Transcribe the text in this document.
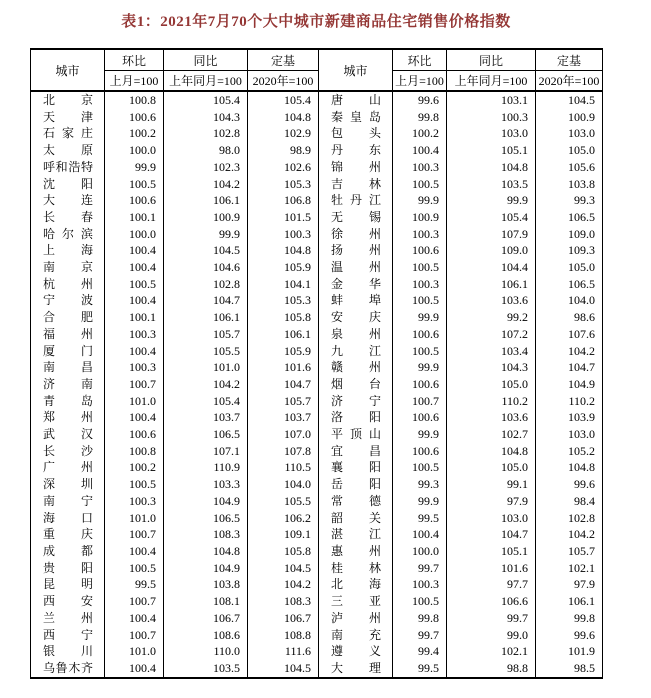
表1：2021年7月70个大中城市新建商品住宅销售价格指数
城市	环比	同比	定基	城市	环比	同比	定基
	上月=100	上年同月=100	2020年=100		上月=100	上年同月=100	2020年=100

北 京	100.8	105.4	105.4	唐 山	99.6	103.1	104.5

天 津	100.6	104.3	104.8	秦 皇 岛	99.8	100.3	100.9

石 家 庄	100.2	102.8	102.9	包 头	100.2	103.0	103.0

太 原	100.0	98.0	98.9	丹 东	100.4	105.1	105.0

呼 和 浩 特	99.9	102.3	102.6	锦 州	100.3	104.8	105.6

沈 阳	100.5	104.2	105.3	吉 林	100.5	103.5	103.8

大 连	100.6	106.1	106.8	牡 丹 江	99.9	99.9	99.3

长 春	100.1	100.9	101.5	无 锡	100.9	105.4	106.5

哈 尔 滨	100.0	99.9	100.3	徐 州	100.3	107.9	109.0

上 海	100.4	104.5	104.8	扬 州	100.6	109.0	109.3

南 京	100.4	104.6	105.9	温 州	100.5	104.4	105.0

杭 州	100.5	102.8	104.1	金 华	100.3	106.1	106.5

宁 波	100.4	104.7	105.3	蚌 埠	100.5	103.6	104.0

合 肥	100.1	106.1	105.8	安 庆	99.9	99.2	98.6

福 州	100.3	105.7	106.1	泉 州	100.6	107.2	107.6

厦 门	100.4	105.5	105.9	九 江	100.5	103.4	104.2

南 昌	100.3	101.0	101.6	赣 州	99.9	104.3	104.7

济 南	100.7	104.2	104.7	烟 台	100.6	105.0	104.9

青 岛	101.0	105.4	105.7	济 宁	100.7	110.2	110.2

郑 州	100.4	103.7	103.7	洛 阳	100.6	103.6	103.9

武 汉	100.6	106.5	107.0	平 顶 山	99.9	102.7	103.0

长 沙	100.8	107.1	107.8	宜 昌	100.6	104.8	105.2

广 州	100.2	110.9	110.5	襄 阳	100.5	105.0	104.8

深 圳	100.5	103.3	104.0	岳 阳	99.3	99.1	99.6

南 宁	100.3	104.9	105.5	常 德	99.9	97.9	98.4

海 口	101.0	106.5	106.2	韶 关	99.5	103.0	102.8

重 庆	100.7	108.3	109.1	湛 江	100.4	104.7	104.2

成 都	100.4	104.8	105.8	惠 州	100.0	105.1	105.7

贵 阳	100.5	104.9	104.5	桂 林	99.7	101.6	102.1

昆 明	99.5	103.8	104.2	北 海	100.3	97.7	97.9

西 安	100.7	108.1	108.3	三 亚	100.5	106.6	106.1

兰 州	100.4	106.7	106.7	泸 州	99.8	99.7	99.8

西 宁	100.7	108.6	108.8	南 充	99.7	99.0	99.6

银 川	101.0	110.0	111.6	遵 义	99.4	102.1	101.9

乌 鲁 木 齐	100.4	103.5	104.5	大 理	99.5	98.8	98.5
